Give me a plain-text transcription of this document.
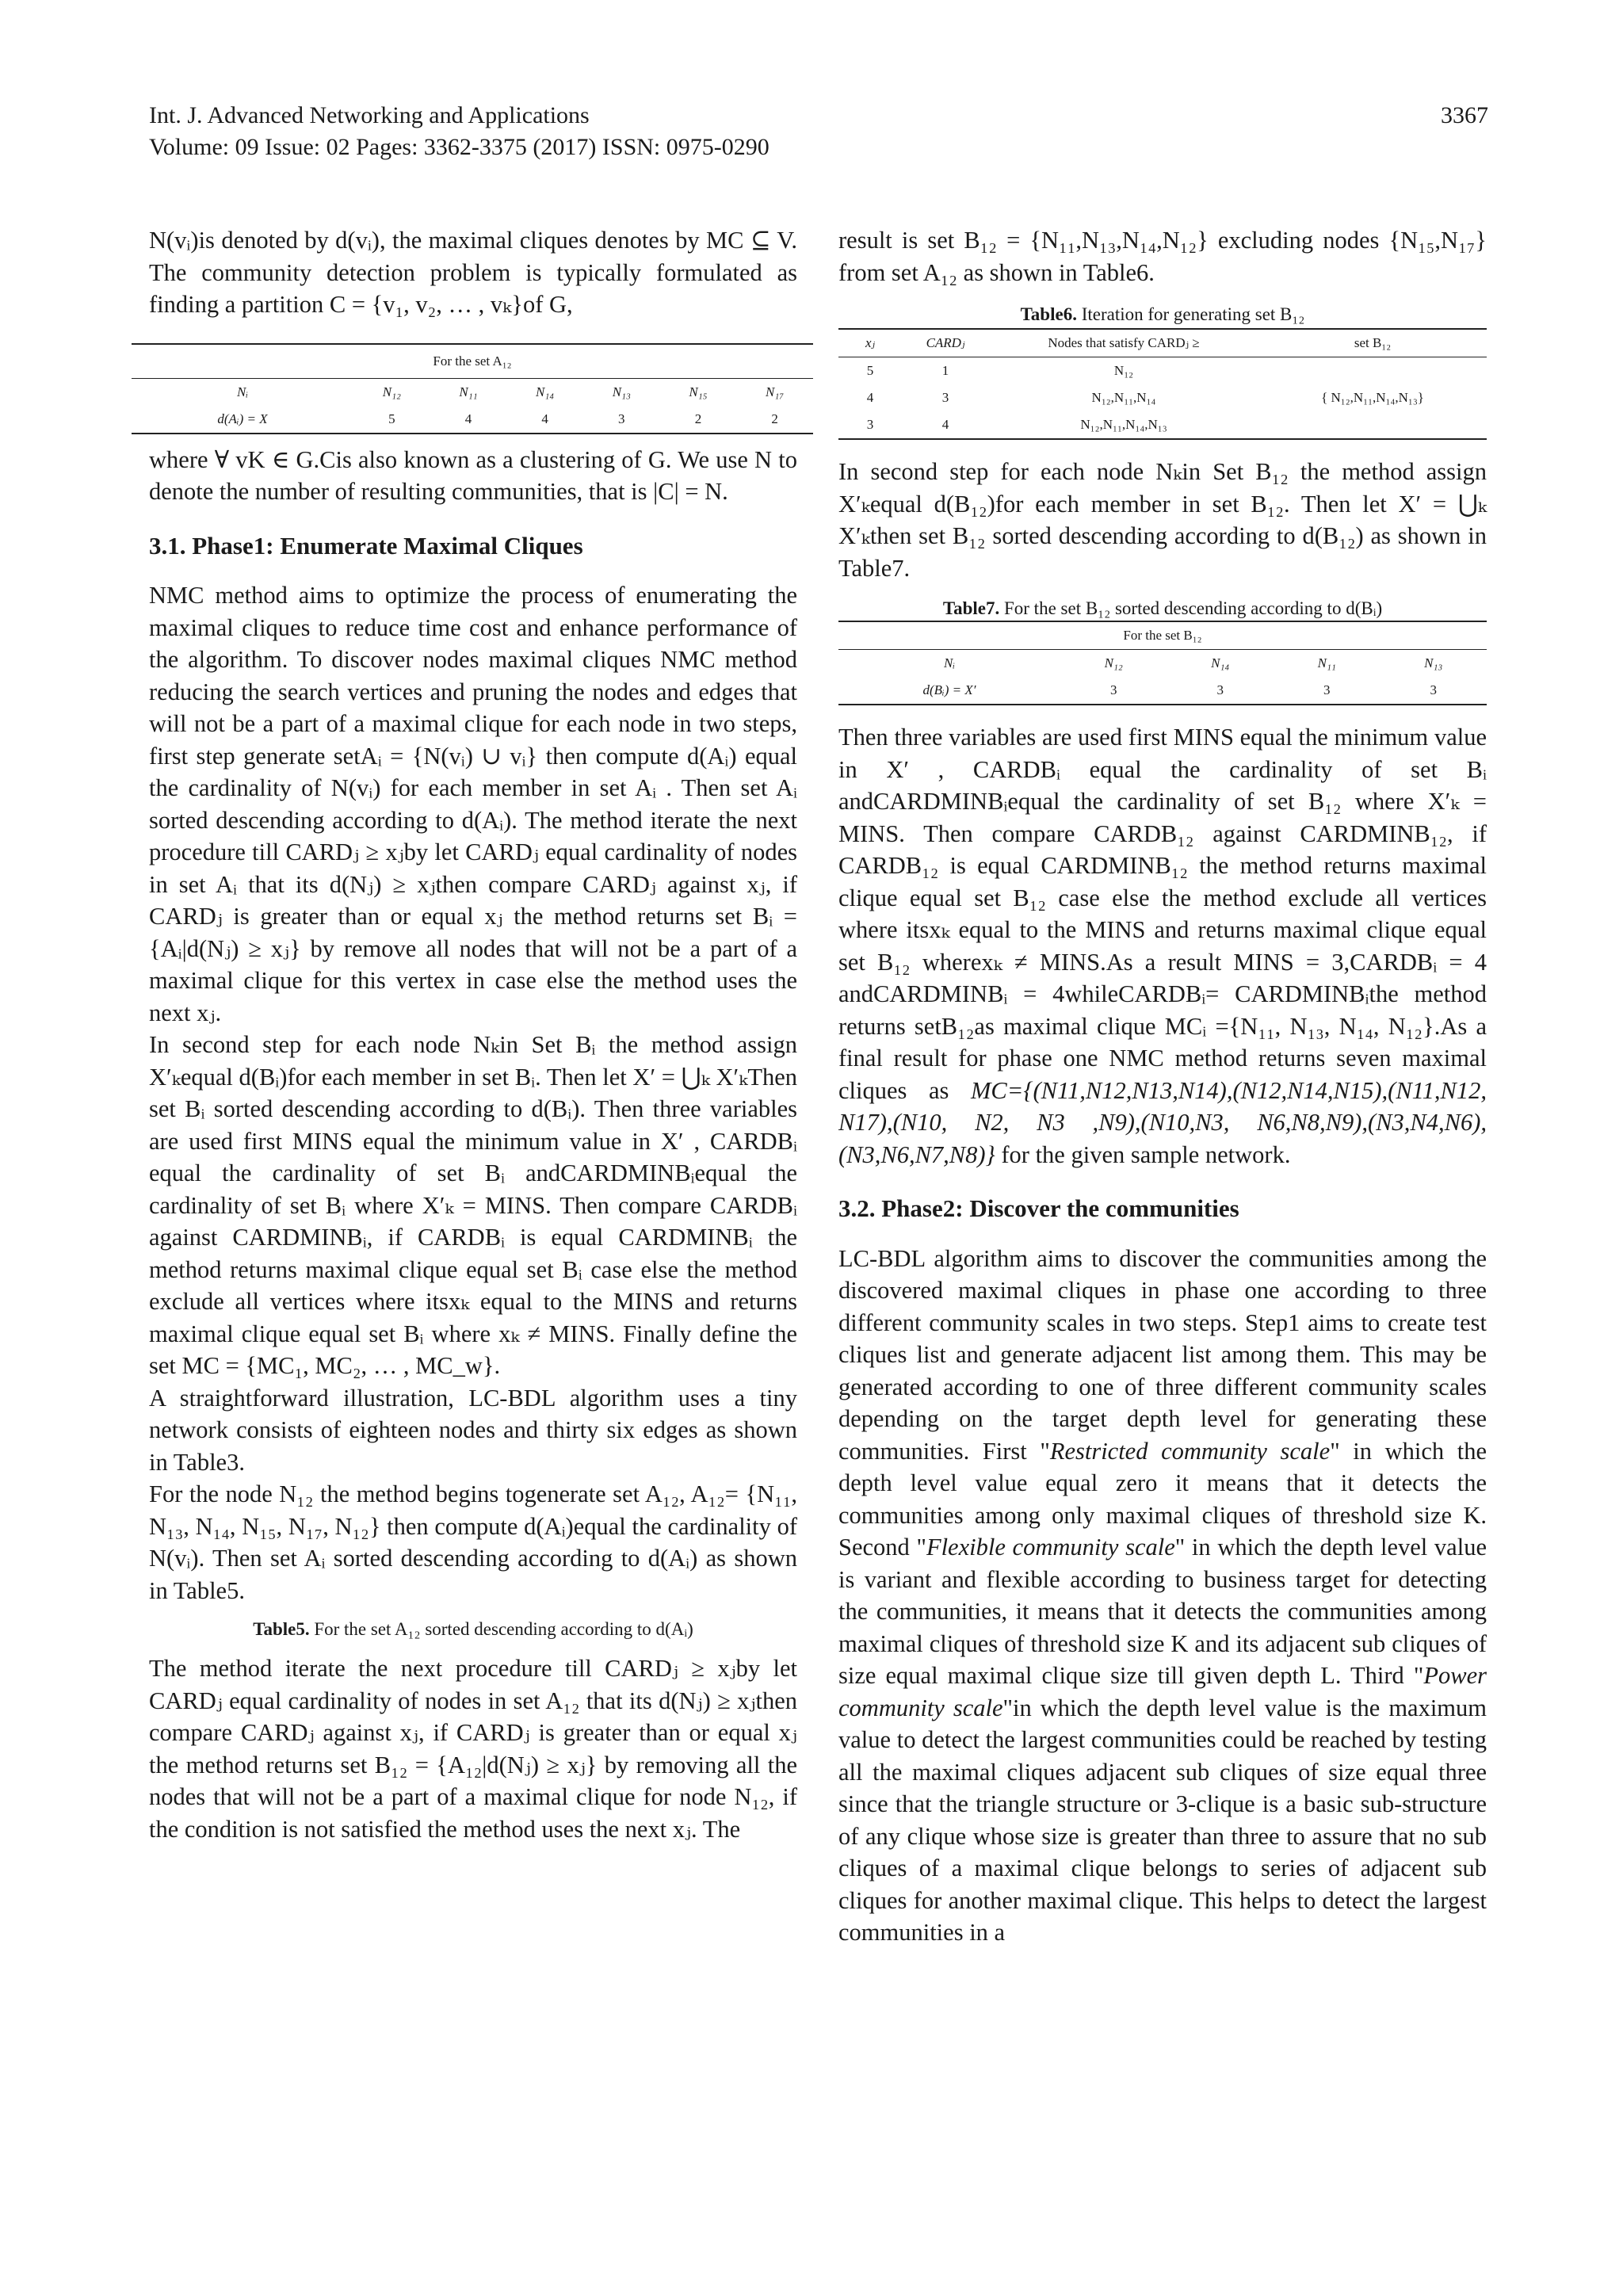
Int. J. Advanced Networking and Applications
Volume: 09 Issue: 02 Pages: 3362-3375 (2017) ISSN: 0975-0290
3367

N(vᵢ)is denoted by d(vᵢ), the maximal cliques denotes by MC ⊆ V. The community detection problem is typically formulated as finding a partition C = {v₁, v₂, … , vₖ}of G,

For the set A₁₂						
Nᵢ	N₁₂	N₁₁	N₁₄	N₁₃	N₁₅	N₁₇
d(Aᵢ) = X	5	4	4	3	2	2

where ∀ vK ∈ G.Cis also known as a clustering of G. We use N to denote the number of resulting communities, that is |C| = N.

3.1. Phase1: Enumerate Maximal Cliques

NMC method aims to optimize the process of enumerating the maximal cliques to reduce time cost and enhance performance of the algorithm. To discover nodes maximal cliques NMC method reducing the search vertices and pruning the nodes and edges that will not be a part of a maximal clique for each node in two steps, first step generate setAᵢ = {N(vᵢ) ∪ vᵢ} then compute d(Aᵢ) equal the cardinality of N(vᵢ) for each member in set Aᵢ . Then set Aᵢ sorted descending according to d(Aᵢ). The method iterate the next procedure till CARDⱼ ≥ xⱼby let CARDⱼ equal cardinality of nodes in set Aᵢ that its d(Nⱼ) ≥ xⱼthen compare CARDⱼ against xⱼ, if CARDⱼ is greater than or equal xⱼ the method returns set Bᵢ = {Aᵢ|d(Nⱼ) ≥ xⱼ} by remove all nodes that will not be a part of a maximal clique for this vertex in case else the method uses the next xⱼ.

In second step for each node Nₖin Set Bᵢ the method assign X′ₖequal d(Bᵢ)for each member in set Bᵢ. Then let X′ = ⋃ₖ X′ₖThen set Bᵢ sorted descending according to d(Bᵢ). Then three variables are used first MINS equal the minimum value in X′ , CARDBᵢ equal the cardinality of set Bᵢ andCARDMINBᵢequal the cardinality of set Bᵢ where X′ₖ = MINS. Then compare CARDBᵢ against CARDMINBᵢ, if CARDBᵢ is equal CARDMINBᵢ the method returns maximal clique equal set Bᵢ case else the method exclude all vertices where itsxₖ equal to the MINS and returns maximal clique equal set Bᵢ where xₖ ≠ MINS. Finally define the set MC = {MC₁, MC₂, … , MC_w}.

A straightforward illustration, LC-BDL algorithm uses a tiny network consists of eighteen nodes and thirty six edges as shown in Table3.

For the node N₁₂ the method begins togenerate set A₁₂, A₁₂= {N₁₁, N₁₃, N₁₄, N₁₅, N₁₇, N₁₂} then compute d(Aᵢ)equal the cardinality of N(vᵢ). Then set Aᵢ sorted descending according to d(Aᵢ) as shown in Table5.

Table5. For the set A₁₂ sorted descending according to d(Aᵢ)

The method iterate the next procedure till CARDⱼ ≥ xⱼby let CARDⱼ equal cardinality of nodes in set A₁₂ that its d(Nⱼ) ≥ xⱼthen compare CARDⱼ against xⱼ, if CARDⱼ is greater than or equal xⱼ the method returns set B₁₂ = {A₁₂|d(Nⱼ) ≥ xⱼ} by removing all the nodes that will not be a part of a maximal clique for node N₁₂, if the condition is not satisfied the method uses the next xⱼ. The

result is set B₁₂ = {N₁₁,N₁₃,N₁₄,N₁₂} excluding nodes {N₁₅,N₁₇} from set A₁₂ as shown in Table6.

Table6. Iteration for generating set B₁₂
xⱼ	CARDⱼ	Nodes that satisfy CARDⱼ ≥	set B₁₂
5	1	N₁₂	
4	3	N₁₂,N₁₁,N₁₄	{ N₁₂,N₁₁,N₁₄,N₁₃}
3	4	N₁₂,N₁₁,N₁₄,N₁₃	

In second step for each node Nₖin Set B₁₂ the method assign X′ₖequal d(B₁₂)for each member in set B₁₂. Then let X′ = ⋃ₖ X′ₖthen set B₁₂ sorted descending according to d(B₁₂) as shown in Table7.

Table7. For the set B₁₂ sorted descending according to d(Bᵢ)
For the set B₁₂				
Nᵢ	N₁₂	N₁₄	N₁₁	N₁₃
d(Bᵢ) = X′	3	3	3	3

Then three variables are used first MINS equal the minimum value in X′ , CARDBᵢ equal the cardinality of set Bᵢ andCARDMINBᵢequal the cardinality of set B₁₂ where X′ₖ = MINS. Then compare CARDB₁₂ against CARDMINB₁₂, if CARDB₁₂ is equal CARDMINB₁₂ the method returns maximal clique equal set B₁₂ case else the method exclude all vertices where itsxₖ equal to the MINS and returns maximal clique equal set B₁₂ wherexₖ ≠ MINS.As a result MINS = 3,CARDBᵢ = 4 andCARDMINBᵢ = 4whileCARDBᵢ= CARDMINBᵢthe method returns setB₁₂as maximal clique MCᵢ ={N₁₁, N₁₃, N₁₄, N₁₂}.As a final result for phase one NMC method returns seven maximal cliques as MC={(N11,N12,N13,N14),(N12,N14,N15),(N11,N12, N17),(N10, N2, N3 ,N9),(N10,N3, N6,N8,N9),(N3,N4,N6),(N3,N6,N7,N8)} for the given sample network.

3.2. Phase2: Discover the communities

LC-BDL algorithm aims to discover the communities among the discovered maximal cliques in phase one according to three different community scales in two steps. Step1 aims to create test cliques list and generate adjacent list among them. This may be generated according to one of three different community scales depending on the target depth level for generating these communities. First "Restricted community scale" in which the depth level value equal zero it means that it detects the communities among only maximal cliques of threshold size K. Second "Flexible community scale" in which the depth level value is variant and flexible according to business target for detecting the communities, it means that it detects the communities among maximal cliques of threshold size K and its adjacent sub cliques of size equal maximal clique size till given depth L. Third "Power community scale"in which the depth level value is the maximum value to detect the largest communities could be reached by testing all the maximal cliques adjacent sub cliques of size equal three since that the triangle structure or 3-clique is a basic sub-structure of any clique whose size is greater than three to assure that no sub cliques of a maximal clique belongs to series of adjacent sub cliques for another maximal clique. This helps to detect the largest communities in a
